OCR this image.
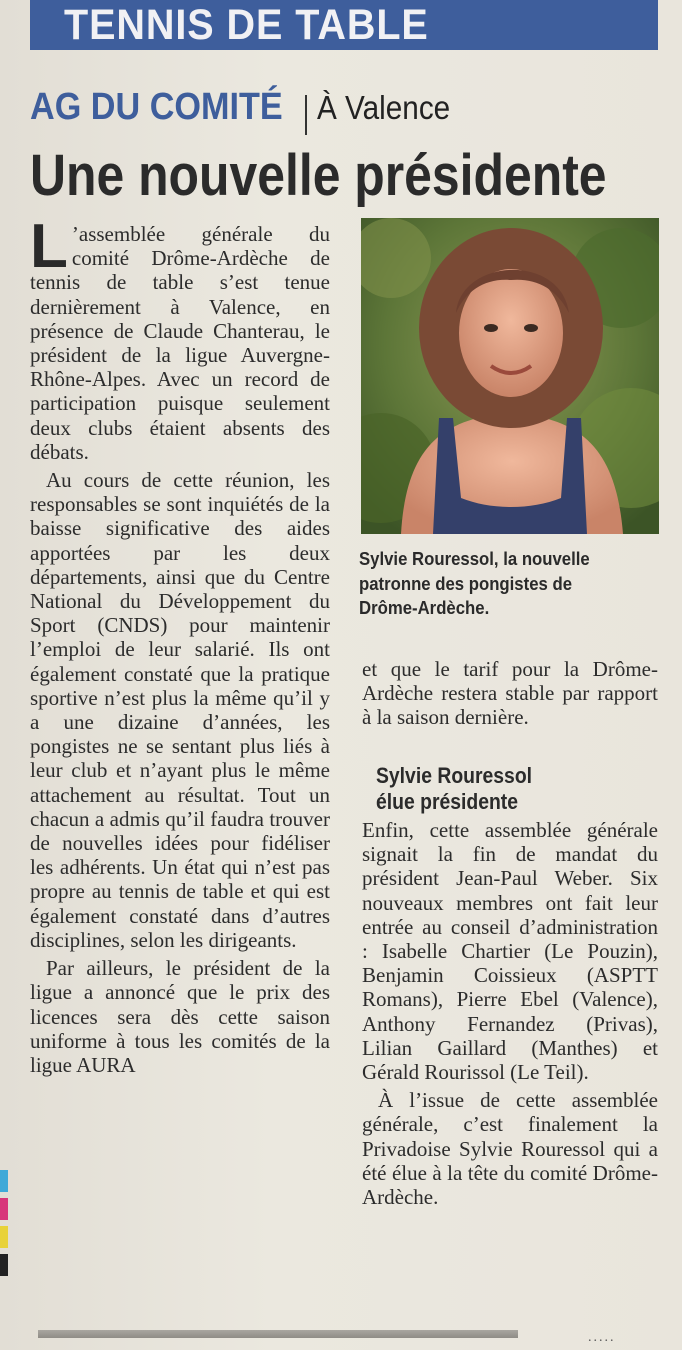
TENNIS DE TABLE
AG DU COMITÉ À Valence
Une nouvelle présidente

L ’assemblée générale du comité Drôme-Ardèche de tennis de table s’est tenue dernièrement à Valence, en présence de Claude Chanterau, le président de la ligue Auvergne-Rhône-Alpes. Avec un record de participation puisque seulement deux clubs étaient absents des débats.

Au cours de cette réunion, les responsables se sont inquiétés de la baisse significative des aides apportées par les deux départements, ainsi que du Centre National du Développement du Sport (CNDS) pour maintenir l’emploi de leur salarié. Ils ont également constaté que la pratique sportive n’est plus la même qu’il y a une dizaine d’années, les pongistes ne se sentant plus liés à leur club et n’ayant plus le même attachement au résultat. Tout un chacun a admis qu’il faudra trouver de nouvelles idées pour fidéliser les adhérents. Un état qui n’est pas propre au tennis de table et qui est également constaté dans d’autres disciplines, selon les dirigeants.

Par ailleurs, le président de la ligue a annoncé que le prix des licences sera dès cette saison uniforme à tous les comités de la ligue AURA

Sylvie Rouressol, la nouvelle
patronne des pongistes de
Drôme-Ardèche.

et que le tarif pour la Drôme-Ardèche restera stable par rapport à la saison dernière.

Sylvie Rouressol
élue présidente

Enfin, cette assemblée générale signait la fin de mandat du président Jean-Paul Weber. Six nouveaux membres ont fait leur entrée au conseil d’administration : Isabelle Chartier (Le Pouzin), Benjamin Coissieux (ASPTT Romans), Pierre Ebel (Valence), Anthony Fernandez (Privas), Lilian Gaillard (Manthes) et Gérald Rourissol (Le Teil).

À l’issue de cette assemblée générale, c’est finalement la Privadoise Sylvie Rouressol qui a été élue à la tête du comité Drôme-Ardèche.

.....
